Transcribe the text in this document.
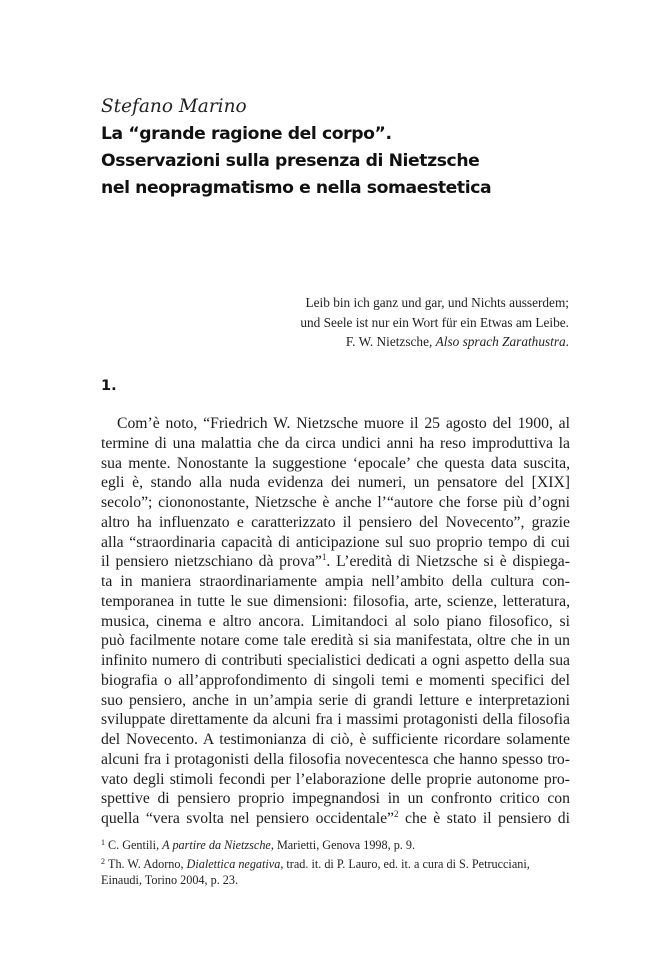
Stefano Marino
La “grande ragione del corpo”.
Osservazioni sulla presenza di Nietzsche
nel neopragmatismo e nella somaestetica
Leib bin ich ganz und gar, und Nichts ausserdem;
und Seele ist nur ein Wort für ein Etwas am Leibe.
F. W. Nietzsche, Also sprach Zarathustra.
1.
Com’è noto, “Friedrich W. Nietzsche muore il 25 agosto del 1900, al
termine di una malattia che da circa undici anni ha reso improduttiva la
sua mente. Nonostante la suggestione ‘epocale’ che questa data suscita,
egli è, stando alla nuda evidenza dei numeri, un pensatore del [XIX]
secolo”; ciononostante, Nietzsche è anche l’“autore che forse più d’ogni
altro ha influenzato e caratterizzato il pensiero del Novecento”, grazie
alla “straordinaria capacità di anticipazione sul suo proprio tempo di cui
il pensiero nietzschiano dà prova”$^1$. L’eredità di Nietzsche si è dispiega-
ta in maniera straordinariamente ampia nell’ambito della cultura con-
temporanea in tutte le sue dimensioni: filosofia, arte, scienze, letteratura,
musica, cinema e altro ancora. Limitandoci al solo piano filosofico, si
può facilmente notare come tale eredità si sia manifestata, oltre che in un
infinito numero di contributi specialistici dedicati a ogni aspetto della sua
biografia o all’approfondimento di singoli temi e momenti specifici del
suo pensiero, anche in un’ampia serie di grandi letture e interpretazioni
sviluppate direttamente da alcuni fra i massimi protagonisti della filosofia
del Novecento. A testimonianza di ciò, è sufficiente ricordare solamente
alcuni fra i protagonisti della filosofia novecentesca che hanno spesso tro-
vato degli stimoli fecondi per l’elaborazione delle proprie autonome pro-
spettive di pensiero proprio impegnandosi in un confronto critico con
quella “vera svolta nel pensiero occidentale”$^2$ che è stato il pensiero di
$^1$ C. Gentili, A partire da Nietzsche, Marietti, Genova 1998, p. 9.
$^2$ Th. W. Adorno, Dialettica negativa, trad. it. di P. Lauro, ed. it. a cura di S. Petrucciani,
Einaudi, Torino 2004, p. 23.
